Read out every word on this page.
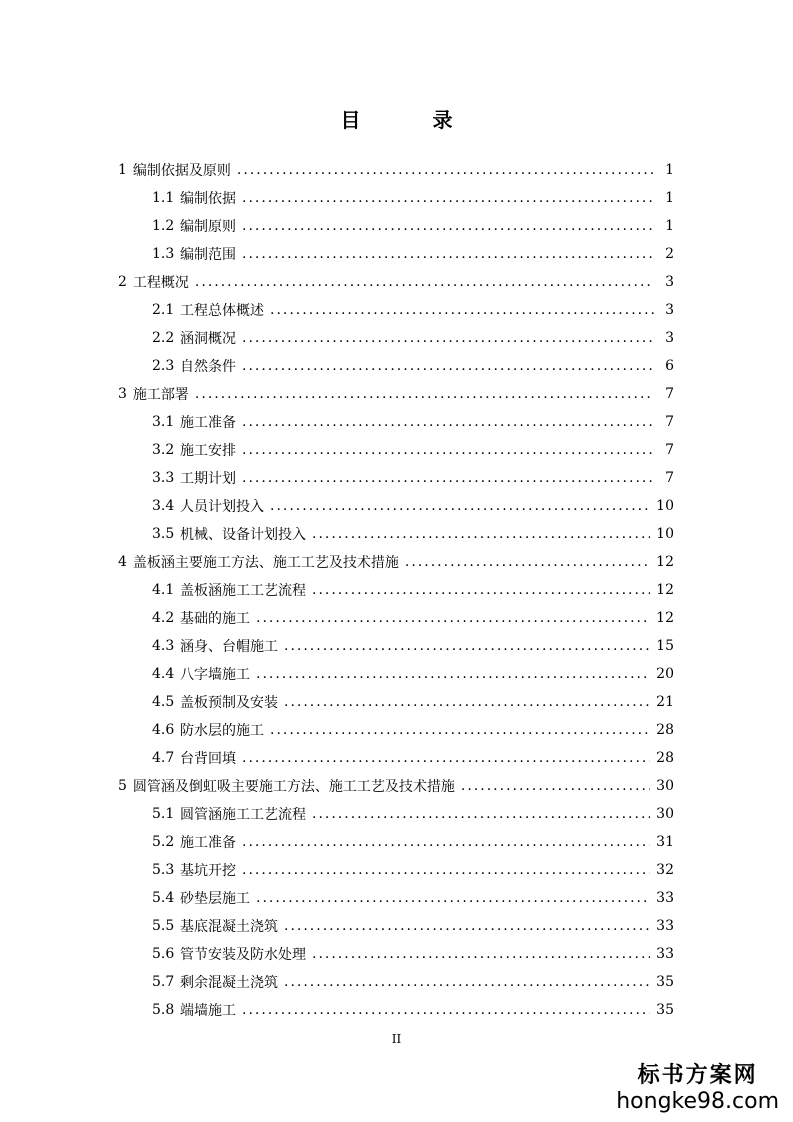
目　录
1 编制依据及原则 .....	1
1.1 编制依据 .....	1
1.2 编制原则 .....	1
1.3 编制范围 .....	2
2 工程概况 .....	3
2.1 工程总体概述 .....	3
2.2 涵洞概况 .....	3
2.3 自然条件 .....	6
3 施工部署 .....	7
3.1 施工准备 .....	7
3.2 施工安排 .....	7
3.3 工期计划 .....	7
3.4 人员计划投入 .....	10
3.5 机械、设备计划投入 .....	10
4 盖板涵主要施工方法、施工工艺及技术措施 .....	12
4.1 盖板涵施工工艺流程 .....	12
4.2 基础的施工 .....	12
4.3 涵身、台帽施工 .....	15
4.4 八字墙施工 .....	20
4.5 盖板预制及安装 .....	21
4.6 防水层的施工 .....	28
4.7 台背回填 .....	28
5 圆管涵及倒虹吸主要施工方法、施工工艺及技术措施 .....	30
5.1 圆管涵施工工艺流程 .....	30
5.2 施工准备 .....	31
5.3 基坑开挖 .....	32
5.4 砂垫层施工 .....	33
5.5 基底混凝土浇筑 .....	33
5.6 管节安装及防水处理 .....	33
5.7 剩余混凝土浇筑 .....	35
5.8 端墙施工 .....	35
II
标书方案网
hongke98.com
